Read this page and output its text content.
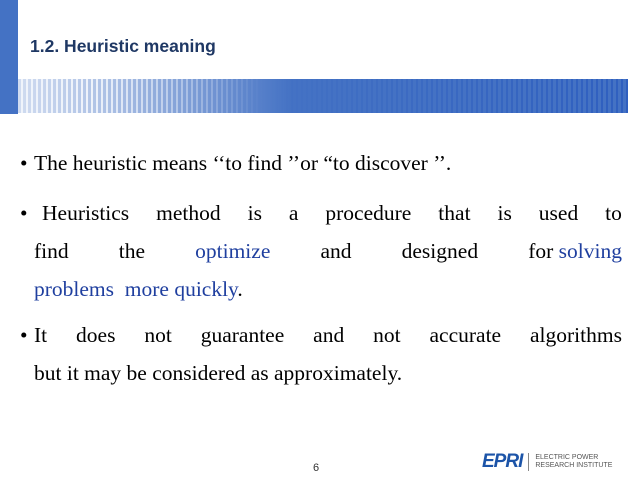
1.2. Heuristic meaning
• The heuristic means ‘‘to find ’’or “to discover ’’.
• Heuristics method is a procedure that is used to
find the optimize and designed for solving
problems  more quickly.
• It does not guarantee and not accurate algorithms
but it may be considered as approximately.
6	EPRI ELECTRIC POWER
RESEARCH INSTITUTE
